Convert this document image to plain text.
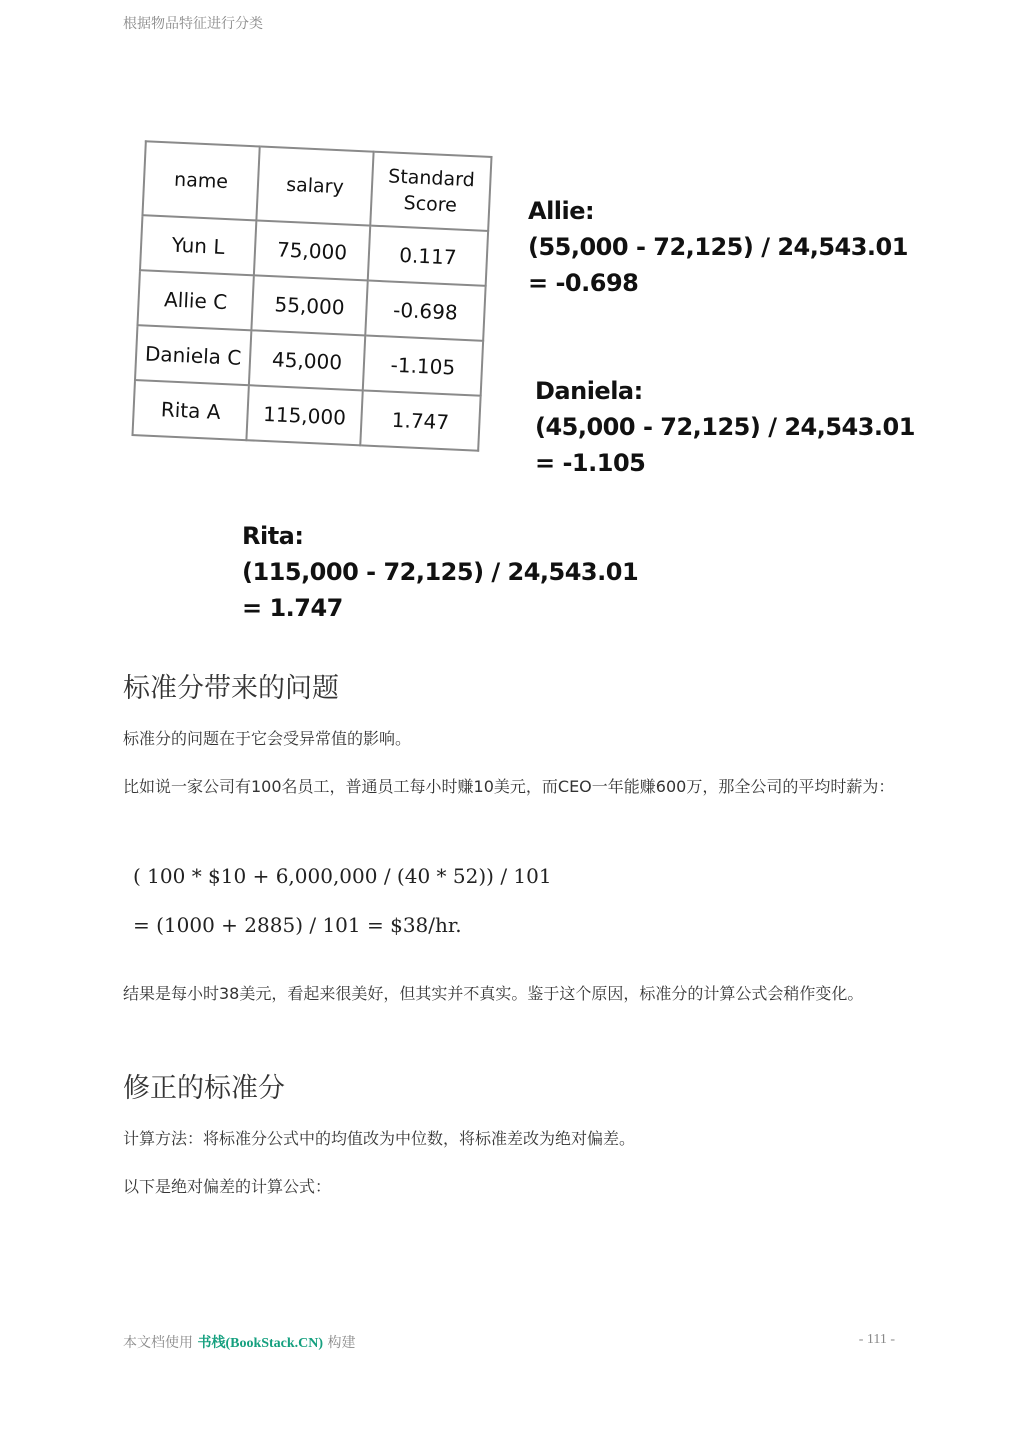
根据物品特征进行分类
name	salary	Standard Score
Yun L	75,000	0.117
Allie C	55,000	-0.698
Daniela C	45,000	-1.105
Rita A	115,000	1.747
Allie:
(55,000 - 72,125) / 24,543.01
= -0.698
Daniela:
(45,000 - 72,125) / 24,543.01
= -1.105
Rita:
(115,000 - 72,125) / 24,543.01
= 1.747
标准分带来的问题

标准分的问题在于它会受异常值的影响。

比如说一家公司有100名员工，普通员工每小时赚10美元，而CEO一年能赚600万，那全公司的平均时薪为：

( 100 * $10 + 6,000,000 / (40 * 52)) / 101
= (1000 + 2885) / 101 = $38/hr.

结果是每小时38美元，看起来很美好，但其实并不真实。鉴于这个原因，标准分的计算公式会稍作变化。

修正的标准分

计算方法：将标准分公式中的均值改为中位数，将标准差改为绝对偏差。

以下是绝对偏差的计算公式：

本文档使用 书栈(BookStack.CN) 构建	- 111 -
